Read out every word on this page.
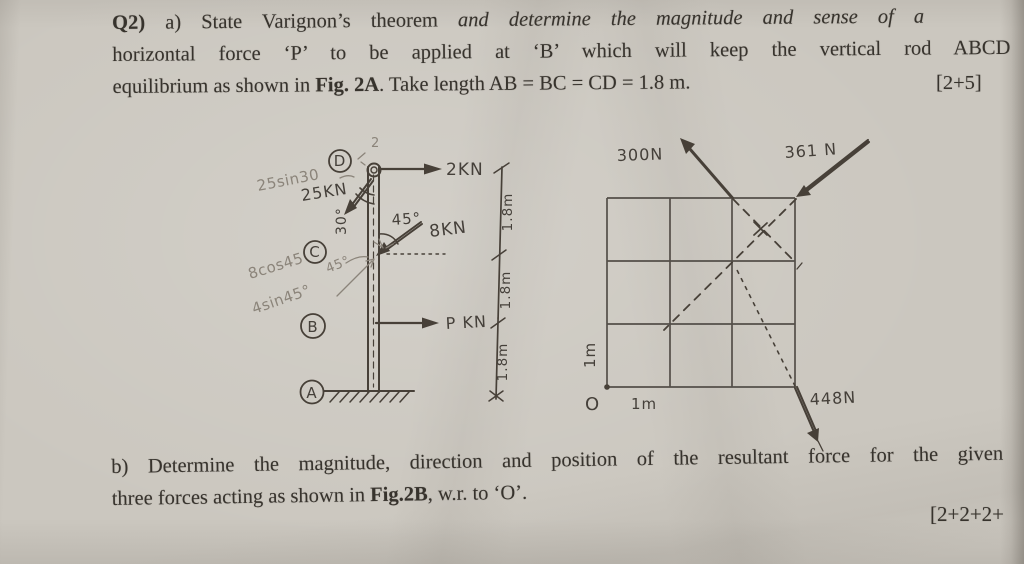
Q2) a) State Varignon’s theorem and determine the magnitude and sense of a
horizontal force ‘P’ to be applied at ‘B’ which will keep the vertical rod ABCD
equilibrium as shown in Fig. 2A. Take length AB = BC = CD = 1.8 m.	[2+5]
D
C
B
A
2KN
25KN
30°	45° 8KN
P KN
25sin30
8cos45 45°
4sin45°
2
1.8m
1.8m
1.8m
300N	361 N
448N
O 1m
1m
b) Determine the magnitude, direction and position of the resultant force for the given
three forces acting as shown in Fig.2B, w.r. to ‘O’.
[2+2+2+
